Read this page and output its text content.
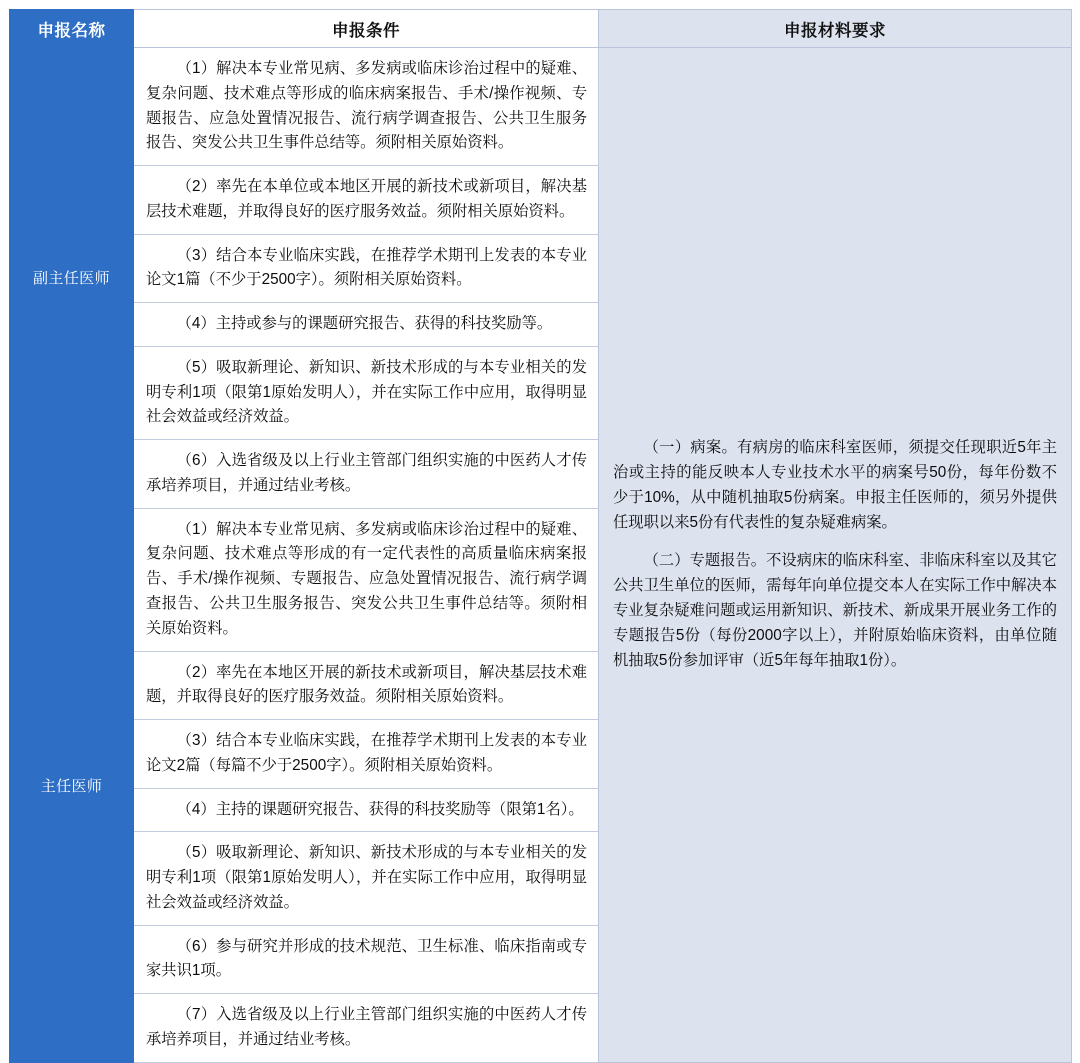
申报名称	申报条件	申报材料要求
副主任医师	（1）解决本专业常见病、多发病或临床诊治过程中的疑难、复杂问题、技术难点等形成的临床病案报告、手术/操作视频、专题报告、应急处置情况报告、流行病学调查报告、公共卫生服务报告、突发公共卫生事件总结等。须附相关原始资料。	（一）病案。有病房的临床科室医师，须提交任现职近5年主治或主持的能反映本人专业技术水平的病案号50份，每年份数不少于10%，从中随机抽取5份病案。申报主任医师的，须另外提供任现职以来5份有代表性的复杂疑难病案。

（二）专题报告。不设病床的临床科室、非临床科室以及其它公共卫生单位的医师，需每年向单位提交本人在实际工作中解决本专业复杂疑难问题或运用新知识、新技术、新成果开展业务工作的专题报告5份（每份2000字以上），并附原始临床资料，由单位随机抽取5份参加评审（近5年每年抽取1份）。

	（2）率先在本单位或本地区开展的新技术或新项目，解决基层技术难题，并取得良好的医疗服务效益。须附相关原始资料。	

	（3）结合本专业临床实践，在推荐学术期刊上发表的本专业论文1篇（不少于2500字）。须附相关原始资料。	

	（4）主持或参与的课题研究报告、获得的科技奖励等。	

	（5）吸取新理论、新知识、新技术形成的与本专业相关的发明专利1项（限第1原始发明人），并在实际工作中应用，取得明显社会效益或经济效益。	

	（6）入选省级及以上行业主管部门组织实施的中医药人才传承培养项目，并通过结业考核。	

主任医师	（1）解决本专业常见病、多发病或临床诊治过程中的疑难、复杂问题、技术难点等形成的有一定代表性的高质量临床病案报告、手术/操作视频、专题报告、应急处置情况报告、流行病学调查报告、公共卫生服务报告、突发公共卫生事件总结等。须附相关原始资料。	

	（2）率先在本地区开展的新技术或新项目，解决基层技术难题，并取得良好的医疗服务效益。须附相关原始资料。	

	（3）结合本专业临床实践，在推荐学术期刊上发表的本专业论文2篇（每篇不少于2500字）。须附相关原始资料。	

	（4）主持的课题研究报告、获得的科技奖励等（限第1名）。	

	（5）吸取新理论、新知识、新技术形成的与本专业相关的发明专利1项（限第1原始发明人），并在实际工作中应用，取得明显社会效益或经济效益。	

	（6）参与研究并形成的技术规范、卫生标准、临床指南或专家共识1项。	

	（7）入选省级及以上行业主管部门组织实施的中医药人才传承培养项目，并通过结业考核。	
